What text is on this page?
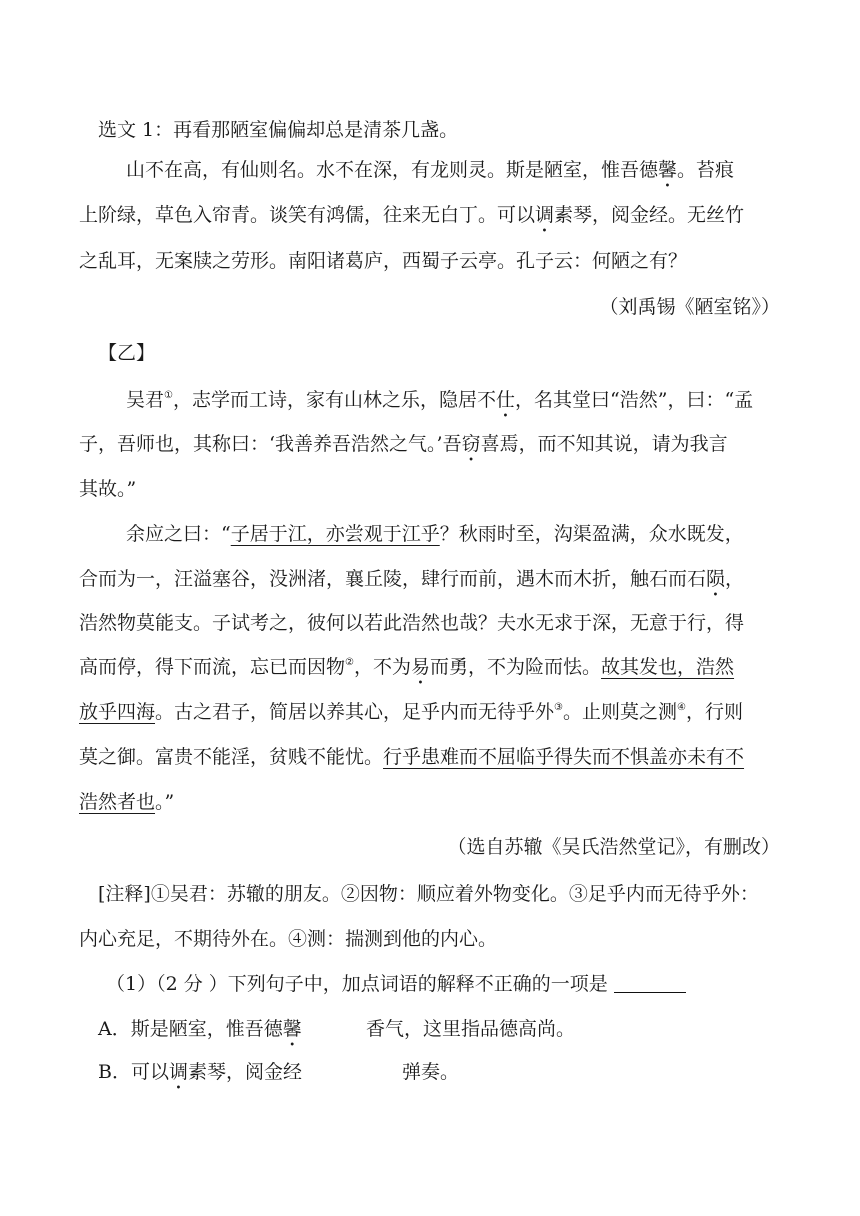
选文 1：再看那陋室偏偏却总是清茶几盏。
山不在高，有仙则名。水不在深，有龙则灵。斯是陋室，惟吾德馨。苔痕
上阶绿，草色入帘青。谈笑有鸿儒，往来无白丁。可以调素琴，阅金经。无丝竹
之乱耳，无案牍之劳形。南阳诸葛庐，西蜀子云亭。孔子云：何陋之有？
（刘禹锡《陋室铭》）
【乙】
吴君①，志学而工诗，家有山林之乐，隐居不仕，名其堂曰“浩然”，曰：“孟
子，吾师也，其称曰：‘我善养吾浩然之气。’吾窃喜焉，而不知其说，请为我言
其故。”
余应之曰：“子居于江，亦尝观于江乎？秋雨时至，沟渠盈满，众水既发，
合而为一，汪溢塞谷，没洲渚，襄丘陵，肆行而前，遇木而木折，触石而石陨，
浩然物莫能支。子试考之，彼何以若此浩然也哉？夫水无求于深，无意于行，得
高而停，得下而流，忘已而因物②，不为易而勇，不为险而怯。故其发也，浩然
放乎四海。古之君子，简居以养其心，足乎内而无待乎外③。止则莫之测④，行则
莫之御。富贵不能淫，贫贱不能忧。行乎患难而不屈临乎得失而不惧盖亦未有不
浩然者也。”
（选自苏辙《吴氏浩然堂记》，有删改）
[注释]①吴君：苏辙的朋友。②因物：顺应着外物变化。③足乎内而无待乎外：
内心充足，不期待外在。④测：揣测到他的内心。
（1）（2 分 ）下列句子中，加点词语的解释不正确的一项是
A．斯是陋室，惟吾德馨	香气，这里指品德高尚。
B．可以调素琴，阅金经	弹奏。
